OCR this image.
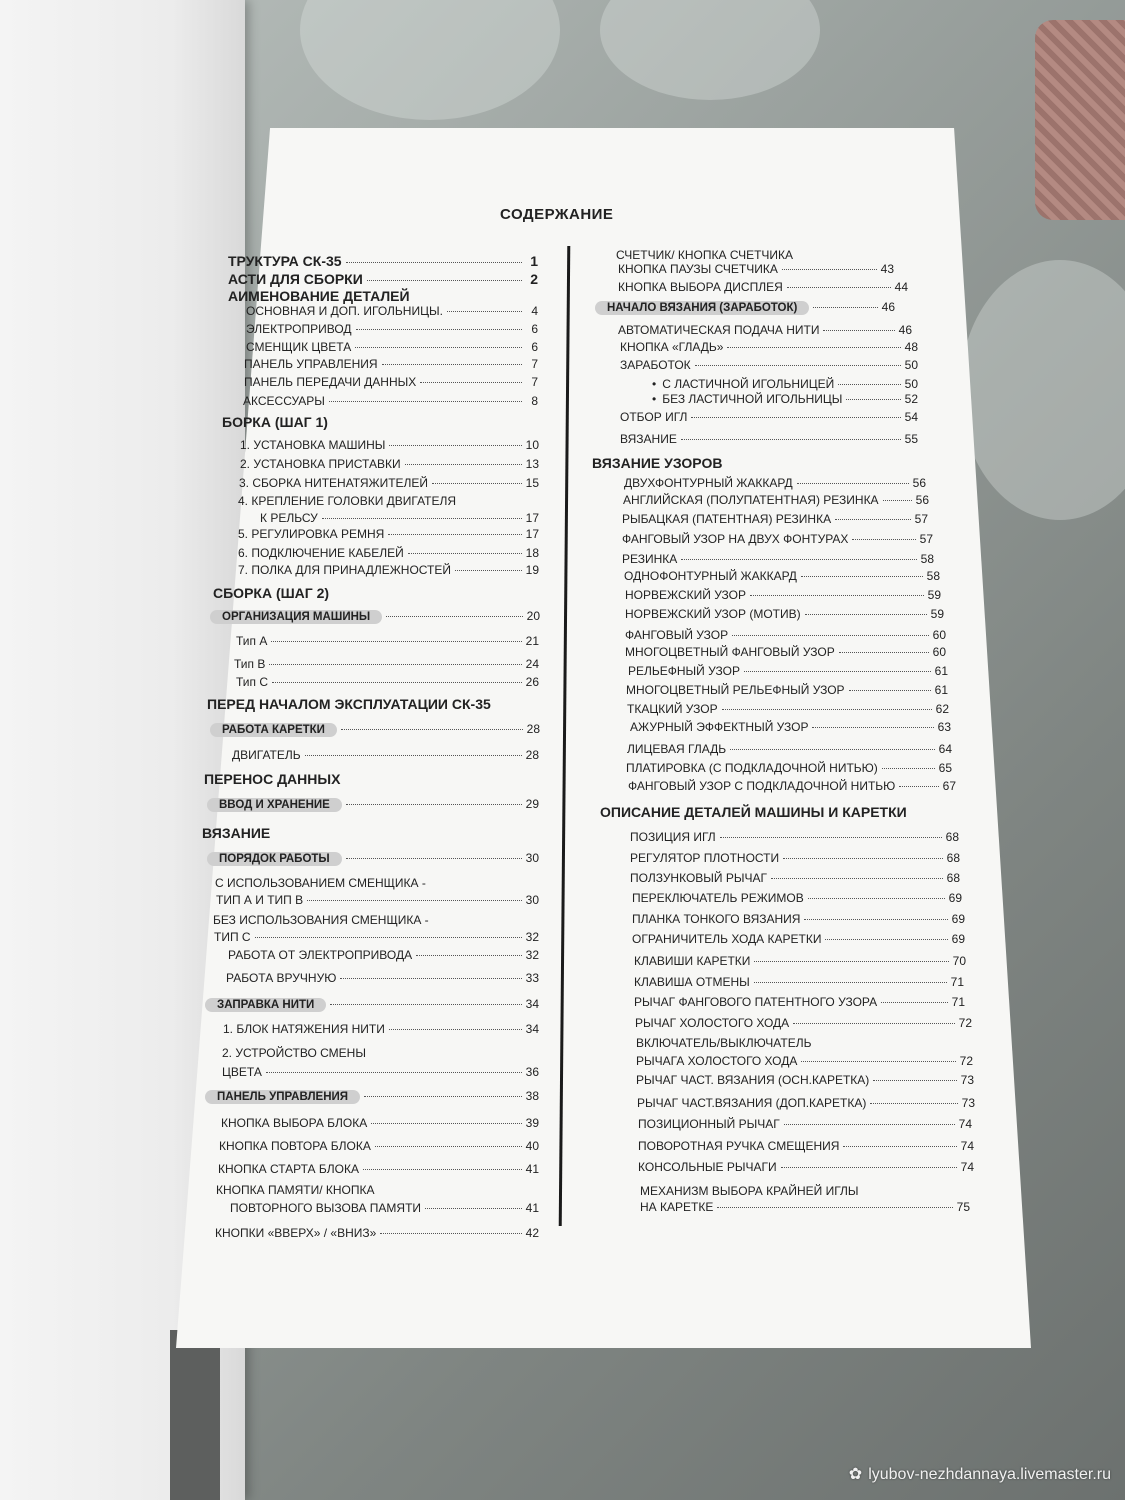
СОДЕРЖАНИЕ
ТРУКТУРА СК-35	1
АСТИ ДЛЯ СБОРКИ	2
АИМЕНОВАНИЕ ДЕТАЛЕЙ
ОСНОВНАЯ И ДОП. ИГОЛЬНИЦЫ.	4
ЭЛЕКТРОПРИВОД	6
СМЕНЩИК ЦВЕТА	6
ПАНЕЛЬ УПРАВЛЕНИЯ	7
ПАНЕЛЬ ПЕРЕДАЧИ ДАННЫХ	7
АКСЕССУАРЫ	8
БОРКА (ШАГ 1)
1. УСТАНОВКА МАШИНЫ	10
2. УСТАНОВКА ПРИСТАВКИ	13
3. СБОРКА НИТЕНАТЯЖИТЕЛЕЙ	15
4. КРЕПЛЕНИЕ ГОЛОВКИ ДВИГАТЕЛЯ
К РЕЛЬСУ	17
5. РЕГУЛИРОВКА РЕМНЯ	17
6. ПОДКЛЮЧЕНИЕ КАБЕЛЕЙ	18
7. ПОЛКА ДЛЯ ПРИНАДЛЕЖНОСТЕЙ	19
СБОРКА (ШАГ 2)
ОРГАНИЗАЦИЯ МАШИНЫ	20
Тип А	21
Тип В	24
Тип С	26
ПЕРЕД НАЧАЛОМ ЭКСПЛУАТАЦИИ СК-35
РАБОТА КАРЕТКИ	28
ДВИГАТЕЛЬ	28
ПЕРЕНОС ДАННЫХ
ВВОД И ХРАНЕНИЕ	29
ВЯЗАНИЕ
ПОРЯДОК РАБОТЫ	30
С ИСПОЛЬЗОВАНИЕМ СМЕНЩИКА -
ТИП А И ТИП В	30
БЕЗ ИСПОЛЬЗОВАНИЯ СМЕНЩИКА -
ТИП С	32
РАБОТА ОТ ЭЛЕКТРОПРИВОДА	32
РАБОТА ВРУЧНУЮ	33
ЗАПРАВКА НИТИ	34
1. БЛОК НАТЯЖЕНИЯ НИТИ	34
2. УСТРОЙСТВО СМЕНЫ
ЦВЕТА	36
ПАНЕЛЬ УПРАВЛЕНИЯ	38
КНОПКА ВЫБОРА БЛОКА	39
КНОПКА ПОВТОРА БЛОКА	40
КНОПКА СТАРТА БЛОКА	41
КНОПКА ПАМЯТИ/ КНОПКА
ПОВТОРНОГО ВЫЗОВА ПАМЯТИ	41
КНОПКИ «ВВЕРХ» / «ВНИЗ»	42
СЧЕТЧИК/ КНОПКА СЧЕТЧИКА
КНОПКА ПАУЗЫ СЧЕТЧИКА	43
КНОПКА ВЫБОРА ДИСПЛЕЯ	44
НАЧАЛО ВЯЗАНИЯ (ЗАРАБОТОК)	46
АВТОМАТИЧЕСКАЯ ПОДАЧА НИТИ	46
КНОПКА «ГЛАДЬ»	48
ЗАРАБОТОК	50
• С ЛАСТИЧНОЙ ИГОЛЬНИЦЕЙ	50
• БЕЗ ЛАСТИЧНОЙ ИГОЛЬНИЦЫ	52
ОТБОР ИГЛ	54
ВЯЗАНИЕ	55
ВЯЗАНИЕ УЗОРОВ
ДВУХФОНТУРНЫЙ ЖАККАРД	56
АНГЛИЙСКАЯ (ПОЛУПАТЕНТНАЯ) РЕЗИНКА	56
РЫБАЦКАЯ (ПАТЕНТНАЯ) РЕЗИНКА	57
ФАНГОВЫЙ УЗОР НА ДВУХ ФОНТУРАХ	57
РЕЗИНКА	58
ОДНОФОНТУРНЫЙ ЖАККАРД	58
НОРВЕЖСКИЙ УЗОР	59
НОРВЕЖСКИЙ УЗОР (МОТИВ)	59
ФАНГОВЫЙ УЗОР	60
МНОГОЦВЕТНЫЙ ФАНГОВЫЙ УЗОР	60
РЕЛЬЕФНЫЙ УЗОР	61
МНОГОЦВЕТНЫЙ РЕЛЬЕФНЫЙ УЗОР	61
ТКАЦКИЙ УЗОР	62
АЖУРНЫЙ ЭФФЕКТНЫЙ УЗОР	63
ЛИЦЕВАЯ ГЛАДЬ	64
ПЛАТИРОВКА (С ПОДКЛАДОЧНОЙ НИТЬЮ)	65
ФАНГОВЫЙ УЗОР С ПОДКЛАДОЧНОЙ НИТЬЮ	67
ОПИСАНИЕ ДЕТАЛЕЙ МАШИНЫ И КАРЕТКИ
ПОЗИЦИЯ ИГЛ	68
РЕГУЛЯТОР ПЛОТНОСТИ	68
ПОЛЗУНКОВЫЙ РЫЧАГ	68
ПЕРЕКЛЮЧАТЕЛЬ РЕЖИМОВ	69
ПЛАНКА ТОНКОГО ВЯЗАНИЯ	69
ОГРАНИЧИТЕЛЬ ХОДА КАРЕТКИ	69
КЛАВИШИ КАРЕТКИ	70
КЛАВИША ОТМЕНЫ	71
РЫЧАГ ФАНГОВОГО ПАТЕНТНОГО УЗОРА	71
РЫЧАГ ХОЛОСТОГО ХОДА	72
ВКЛЮЧАТЕЛЬ/ВЫКЛЮЧАТЕЛЬ
РЫЧАГА ХОЛОСТОГО ХОДА	72
РЫЧАГ ЧАСТ. ВЯЗАНИЯ (ОСН.КАРЕТКА)	73
РЫЧАГ ЧАСТ.ВЯЗАНИЯ (ДОП.КАРЕТКА)	73
ПОЗИЦИОННЫЙ РЫЧАГ	74
ПОВОРОТНАЯ РУЧКА СМЕЩЕНИЯ	74
КОНСОЛЬНЫЕ РЫЧАГИ	74
МЕХАНИЗМ ВЫБОРА КРАЙНЕЙ ИГЛЫ
НА КАРЕТКЕ	75
✿ lyubov-nezhdannaya.livemaster.ru
